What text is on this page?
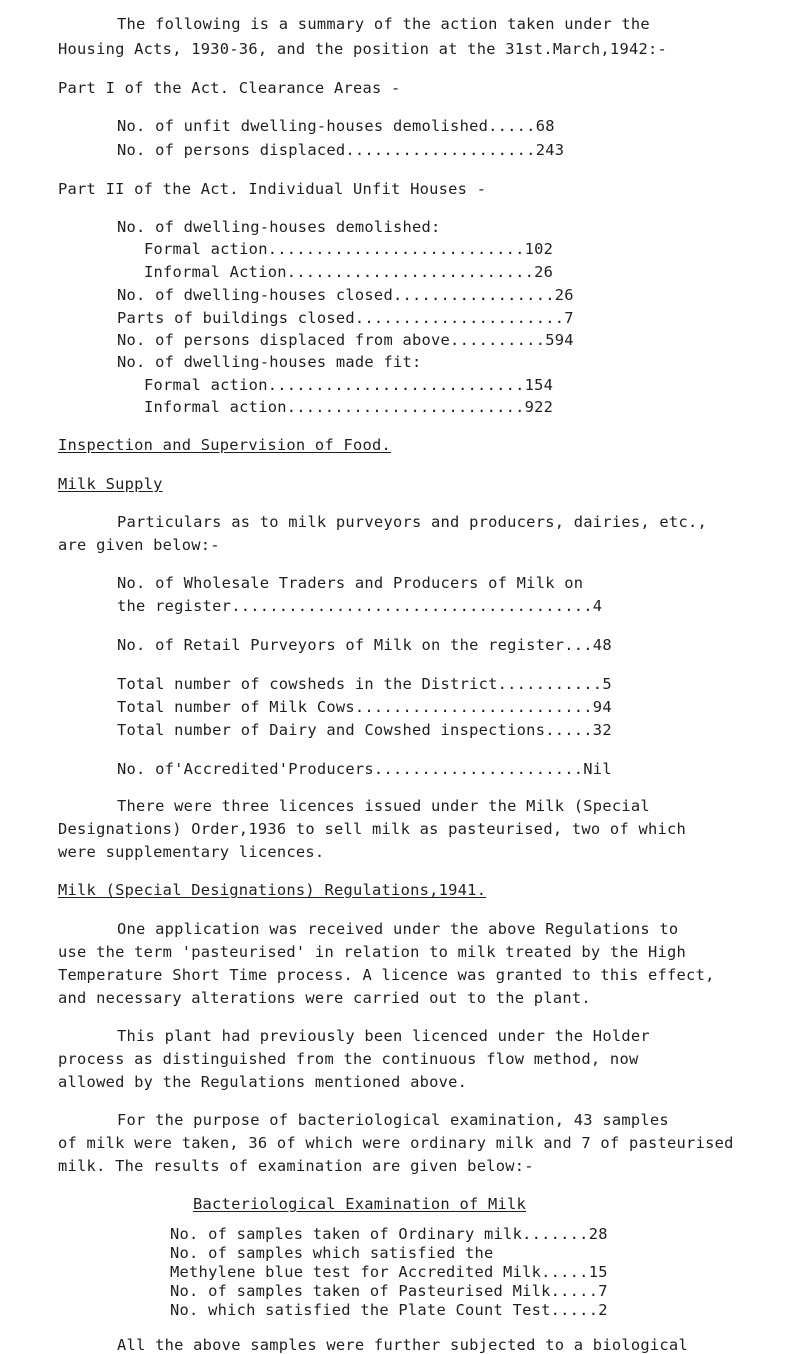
The following is a summary of the action taken under the
Housing Acts, 1930-36, and the position at the 31st.March,1942:-
Part I of the Act. Clearance Areas -
No. of unfit dwelling-houses demolished.....68
No. of persons displaced....................243
Part II of the Act. Individual Unfit Houses -
No. of dwelling-houses demolished:
Formal action...........................102
Informal Action..........................26
No. of dwelling-houses closed.................26
Parts of buildings closed......................7
No. of persons displaced from above..........594
No. of dwelling-houses made fit:
Formal action...........................154
Informal action.........................922
Inspection and Supervision of Food.
Milk Supply
Particulars as to milk purveyors and producers, dairies, etc.,
are given below:-
No. of Wholesale Traders and Producers of Milk on
the register......................................4
No. of Retail Purveyors of Milk on the register...48
Total number of cowsheds in the District...........5
Total number of Milk Cows.........................94
Total number of Dairy and Cowshed inspections.....32
No. of'Accredited'Producers......................Nil
There were three licences issued under the Milk (Special
Designations) Order,1936 to sell milk as pasteurised, two of which
were supplementary licences.
Milk (Special Designations) Regulations,1941.
One application was received under the above Regulations to
use the term 'pasteurised' in relation to milk treated by the High
Temperature Short Time process. A licence was granted to this effect,
and necessary alterations were carried out to the plant.
This plant had previously been licenced under the Holder
process as distinguished from the continuous flow method, now
allowed by the Regulations mentioned above.
For the purpose of bacteriological examination, 43 samples
of milk were taken, 36 of which were ordinary milk and 7 of pasteurised
milk. The results of examination are given below:-
Bacteriological Examination of Milk
No. of samples taken of Ordinary milk.......28
No. of samples which satisfied the
Methylene blue test for Accredited Milk.....15
No. of samples taken of Pasteurised Milk.....7
No. which satisfied the Plate Count Test.....2
All the above samples were further subjected to a biological
